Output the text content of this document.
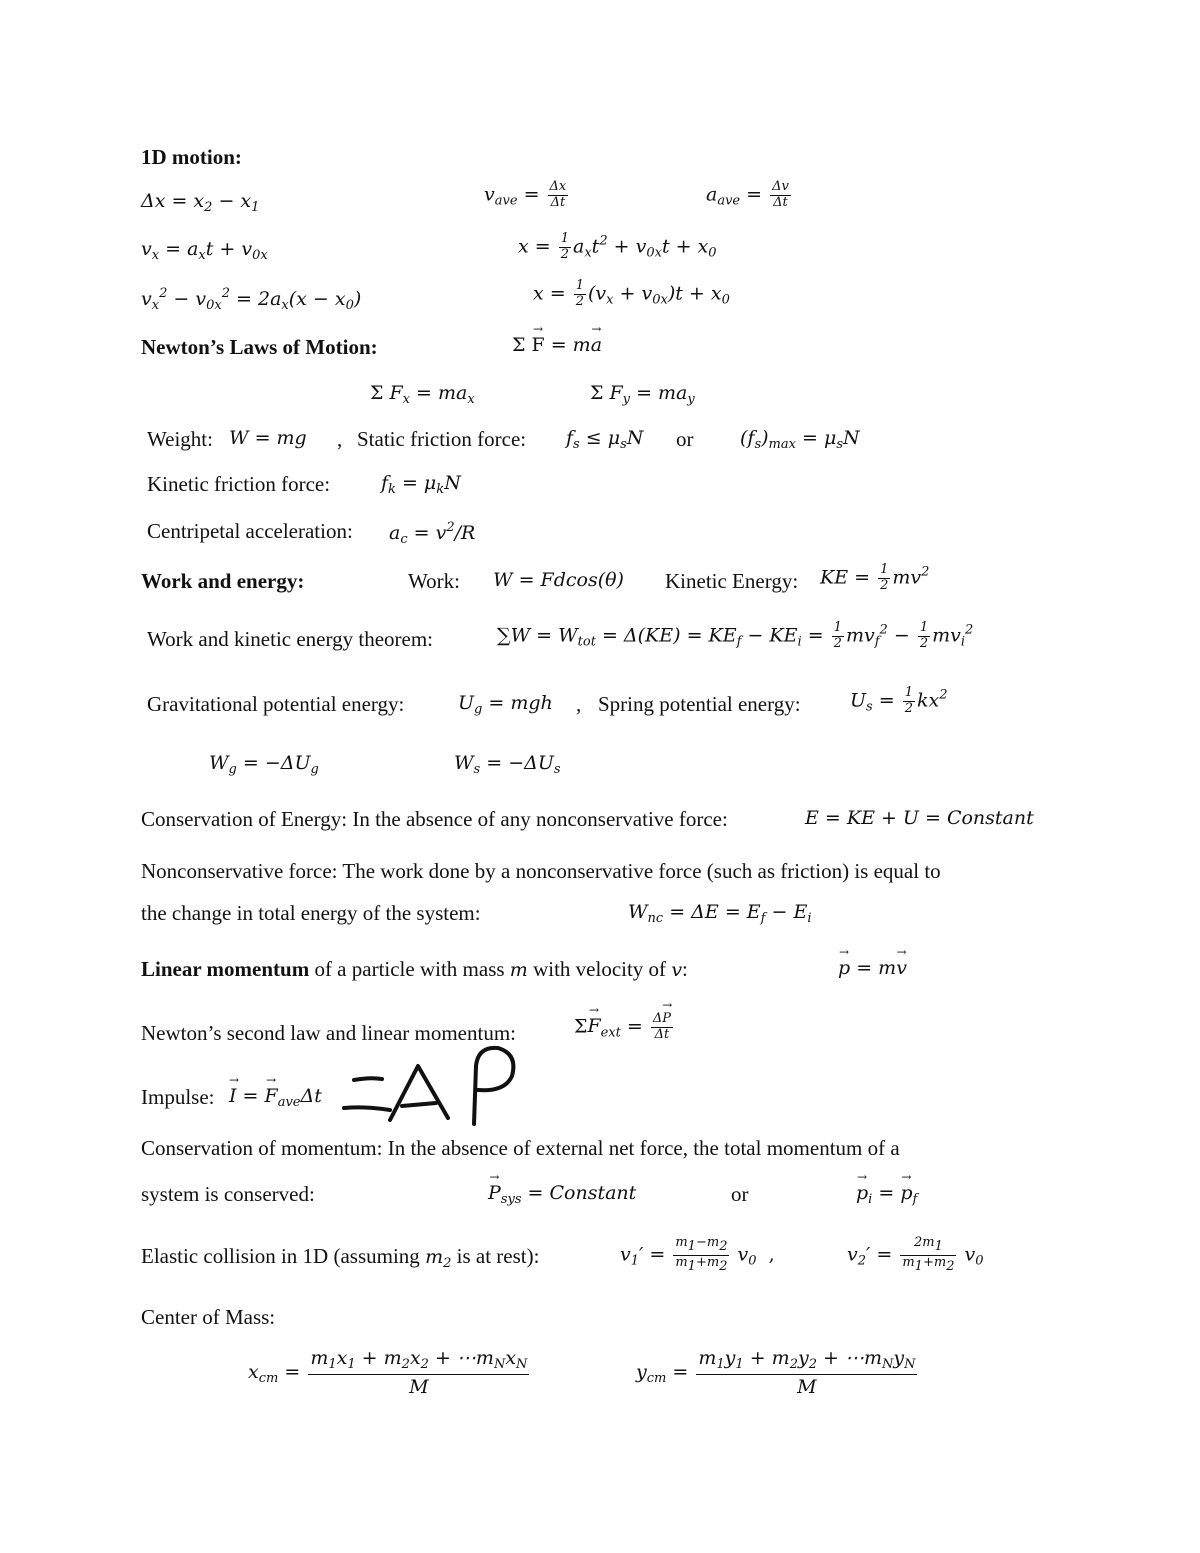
1D motion:
$\Delta x = x_2 - x_1$
$v_{ave} = \frac{\Delta x}{\Delta t}$	$a_{ave} = \frac{\Delta v}{\Delta t}$
$v_x = a_xt + v_{0x}$	$x = \frac{1}{2} a_xt^2 + v_{0x}t + x_0$
$v_x^2 - v_{0x}^2 = 2a_x(x - x_0)$	$x = \frac{1}{2} (v_x + v_{0x})t + x_0$
Newton’s Laws of Motion:	Σ → F = m→ a
Σ $F_x = ma_x$	Σ $F_y = ma_y$
Weight: W = mg , Static friction force: $f_s \le \mu_sN$ or $(f_s)_{max} = \mu_sN$
Kinetic friction force:	$f_k = \mu_kN$
Centripetal acceleration: $a_c = v^2/R$
Work and energy:	Work: W = Fdcos(θ) Kinetic Energy: KE = $\frac{1}{2} mv^2$
Work and kinetic energy theorem:	$\sum W = W_{tot} = \Delta(KE) = KE_f - KE_i = \frac{1}{2} mv_f^2 - \frac{1}{2} mv_i^2$
Gravitational potential energy:	$U_g$ = mgh , Spring potential energy:	$U_s = \frac{1}{2} kx^2$
$W_g = -\Delta U_g$	$W_s = -\Delta U_s$
Conservation of Energy: In the absence of any nonconservative force:	E = KE + U = Constant
Nonconservative force: The work done by a nonconservative force (such as friction) is equal to
the change in total energy of the system:	$W_{nc} = \Delta E = E_f - E_i$
Linear momentum of a particle with mass m with velocity of v:	→ p = m→ v
Newton’s second law and linear momentum:	$\Sigma\to F_{ext} = \frac{\Delta\to P}{\Delta t}$
Impulse: → I = → $F_{ave}\Delta t$
Conservation of momentum: In the absence of external net force, the total momentum of a
system is conserved:	→ $P_{sys}$ = Constant	or	→ $p_i$ = → $p_f$
Elastic collision in 1D (assuming $m_2$ is at rest):	$v_1' = \frac{m_1-m_2}{m_1+m_2} v_0$  ,	$v_2' = \frac{2m_1}{m_1+m_2} v_0$
Center of Mass:
$x_{cm} = \frac{m_1x_1 + m_2x_2 + \cdots m_Nx_N}{M}$	$y_{cm} = \frac{m_1y_1 + m_2y_2 + \cdots m_Ny_N}{M}$
